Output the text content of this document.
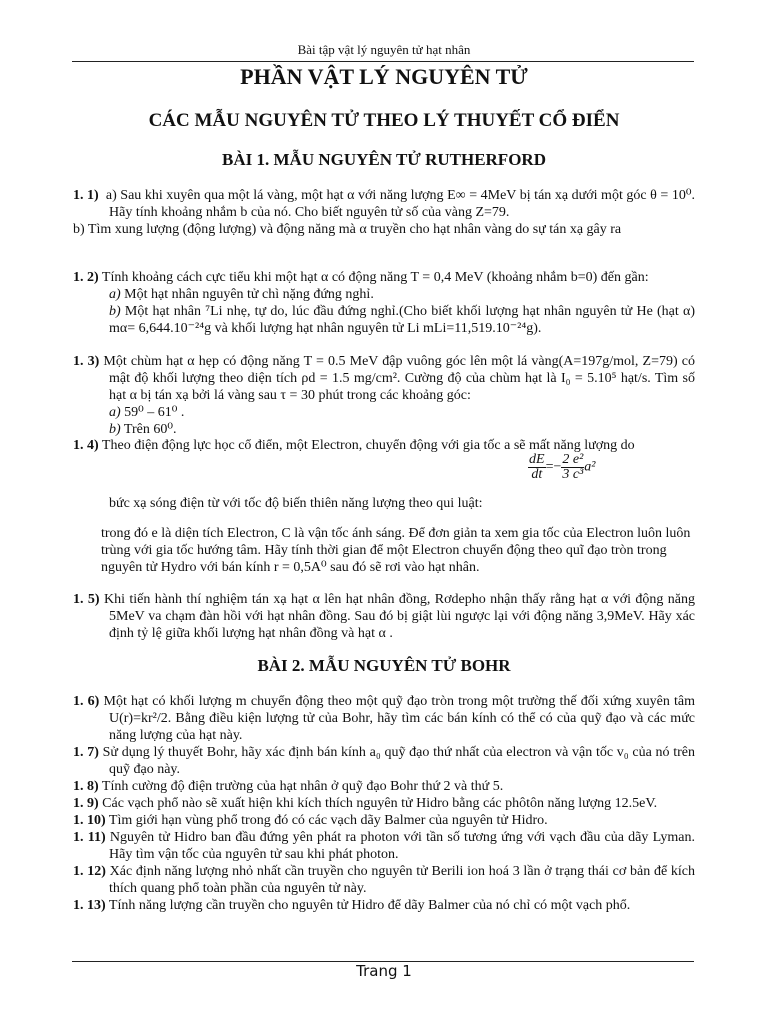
Bài tập vật lý nguyên tử hạt nhân
PHẦN VẬT LÝ NGUYÊN TỬ
CÁC MẪU NGUYÊN TỬ THEO LÝ THUYẾT CỔ ĐIỂN
BÀI 1. MẪU NGUYÊN TỬ RUTHERFORD

1. 1) a) Sau khi xuyên qua một lá vàng, một hạt α với năng lượng E∞ = 4MeV bị tán xạ dưới một góc θ = 10⁰. Hãy tính khoảng nhắm b của nó. Cho biết nguyên tử số của vàng Z=79.

b) Tìm xung lượng (động lượng) và động năng mà α truyền cho hạt nhân vàng do sự tán xạ gây ra

1. 2) Tính khoảng cách cực tiểu khi một hạt α có động năng T = 0,4 MeV (khoảng nhắm b=0) đến gần:

a) Một hạt nhân nguyên tử chì nặng đứng nghỉ.

b) Một hạt nhân ⁷Li nhẹ, tự do, lúc đầu đứng nghỉ.(Cho biết khối lượng hạt nhân nguyên tử He (hạt α) mα= 6,644.10⁻²⁴g và khối lượng hạt nhân nguyên tử Li mLi=11,519.10⁻²⁴g).

1. 3) Một chùm hạt α hẹp có động năng T = 0.5 MeV đập vuông góc lên một lá vàng(A=197g/mol, Z=79) có mật độ khối lượng theo diện tích ρd = 1.5 mg/cm². Cường độ của chùm hạt là I₀ = 5.10⁵ hạt/s. Tìm số hạt α bị tán xạ bởi lá vàng sau τ = 30 phút trong các khoảng góc:

a) 59⁰ – 61⁰ .

b) Trên 60⁰.

1. 4) Theo điện động lực học cổ điển, một Electron, chuyển động với gia tốc a sẽ mất năng lượng do

$\frac{dE}{dt} =- \frac{\text{2 e²}}{\text{3 c³}} a^2$
bức xạ sóng điện từ với tốc độ biến thiên năng lượng theo qui luật:
trong đó e là diện tích Electron, C là vận tốc ánh sáng. Để đơn giản ta xem gia tốc của Electron luôn luôn trùng với gia tốc hướng tâm. Hãy tính thời gian để một Electron chuyển động theo quĩ đạo tròn trong nguyên tử Hydro với bán kính r = 0,5A⁰ sau đó sẽ rơi vào hạt nhân.

1. 5) Khi tiến hành thí nghiệm tán xạ hạt α lên hạt nhân đồng, Rơdepho nhận thấy rằng hạt α với động năng 5MeV va chạm đàn hồi với hạt nhân đồng. Sau đó bị giật lùi ngược lại với động năng 3,9MeV. Hãy xác định tỷ lệ giữa khối lượng hạt nhân đồng và hạt α .

BÀI 2. MẪU NGUYÊN TỬ BOHR

1. 6) Một hạt có khối lượng m chuyển động theo một quỹ đạo tròn trong một trường thế đối xứng xuyên tâm U(r)=kr²/2. Bằng điều kiện lượng tử của Bohr, hãy tìm các bán kính có thể có của quỹ đạo và các mức năng lượng của hạt này.

1. 7) Sử dụng lý thuyết Bohr, hãy xác định bán kính a₀ quỹ đạo thứ nhất của electron và vận tốc v₀ của nó trên quỹ đạo này.

1. 8) Tính cường độ điện trường của hạt nhân ở quỹ đạo Bohr thứ 2 và thứ 5.

1. 9) Các vạch phổ nào sẽ xuất hiện khi kích thích nguyên tử Hidro bằng các phôtôn năng lượng 12.5eV.

1. 10) Tìm giới hạn vùng phổ trong đó có các vạch dãy Balmer của nguyên tử Hidro.

1. 11) Nguyên tử Hidro ban đầu đứng yên phát ra photon với tần số tương ứng với vạch đầu của dãy Lyman. Hãy tìm vận tốc của nguyên tử sau khi phát photon.

1. 12) Xác định năng lượng nhỏ nhất cần truyền cho nguyên tử Berili ion hoá 3 lần ở trạng thái cơ bản để kích thích quang phổ toàn phần của nguyên tử này.

1. 13) Tính năng lượng cần truyền cho nguyên tử Hidro để dãy Balmer của nó chỉ có một vạch phổ.

Trang 1
